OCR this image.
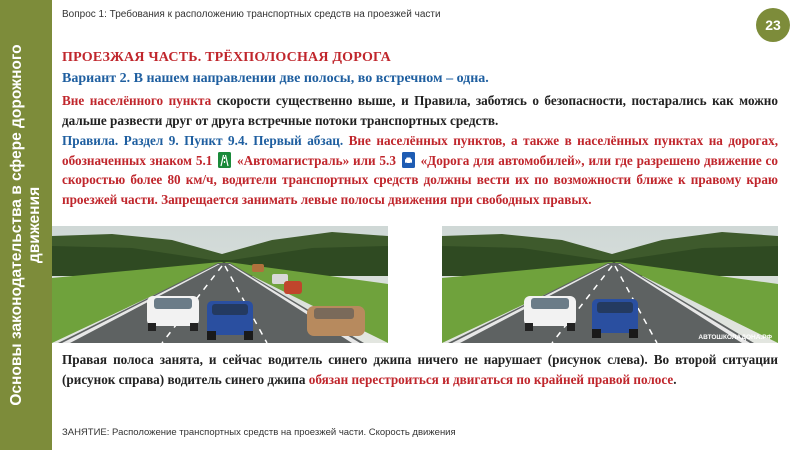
Основы законодательства в сфере дорожного движения
Вопрос 1: Требования к расположению транспортных средств на проезжей части
23
ПРОЕЗЖАЯ ЧАСТЬ. ТРЁХПОЛОСНАЯ ДОРОГА
Вариант 2. В нашем направлении две полосы, во встречном – одна.
Вне населённого пункта скорости существенно выше, и Правила, заботясь о безопасности, постарались как можно дальше развести друг от друга встречные потоки транспортных средств.
Правила. Раздел 9. Пункт 9.4. Первый абзац. Вне населённых пунктов, а также в населённых пунктах на дорогах, обозначенных знаком 5.1  «Автомагистраль» или 5.3  «Дорога для автомобилей», или где разрешено движение со скоростью более 80 км/ч, водители транспортных средств должны вести их по возможности ближе к правому краю проезжей части. Запрещается занимать левые полосы движения при свободных правых.
АВТОШКОЛАДОНА.РФ
Правая полоса занята, и сейчас водитель синего джипа ничего не нарушает (рисунок слева). Во второй ситуации (рисунок справа) водитель синего джипа обязан перестроиться и двигаться по крайней правой полосе.
ЗАНЯТИЕ: Расположение транспортных средств на проезжей части. Скорость движения
